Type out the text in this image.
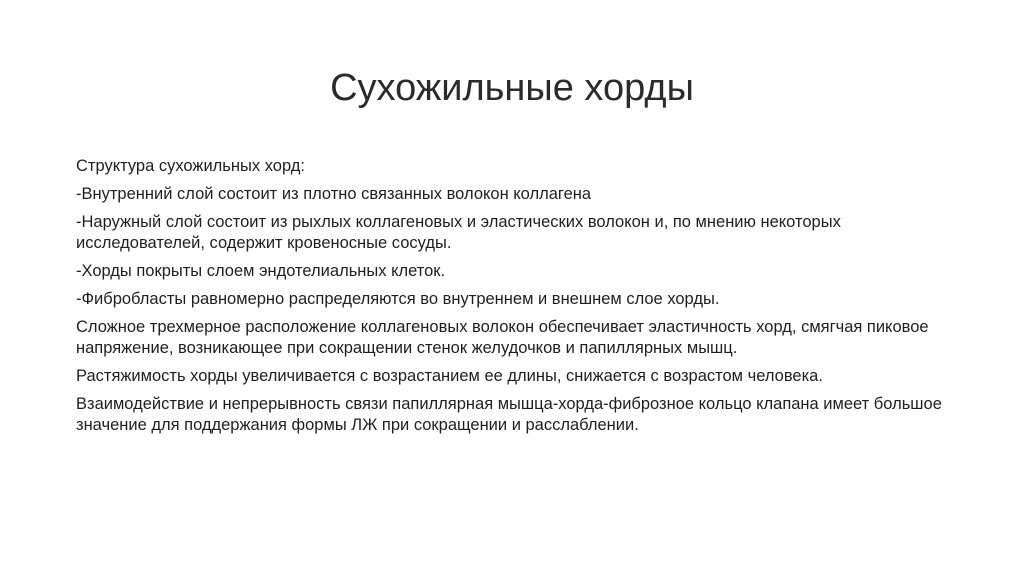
Сухожильные хорды

Структура сухожильных хорд:

-Внутренний слой состоит из плотно связанных волокон коллагена

-Наружный слой состоит из рыхлых коллагеновых и эластических волокон и, по мнению некоторых исследователей, содержит кровеносные сосуды.

-Хорды покрыты слоем эндотелиальных клеток.

-Фибробласты равномерно распределяются во внутреннем и внешнем слое хорды.

Сложное трехмерное расположение коллагеновых волокон обеспечивает эластичность хорд, смягчая пиковое напряжение, возникающее при сокращении стенок желудочков и папиллярных мышц.

Растяжимость хорды увеличивается с возрастанием ее длины, снижается с возрастом человека.

Взаимодействие и непрерывность связи папиллярная мышца-хорда-фиброзное кольцо клапана имеет большое значение для поддержания формы ЛЖ при сокращении и расслаблении.
